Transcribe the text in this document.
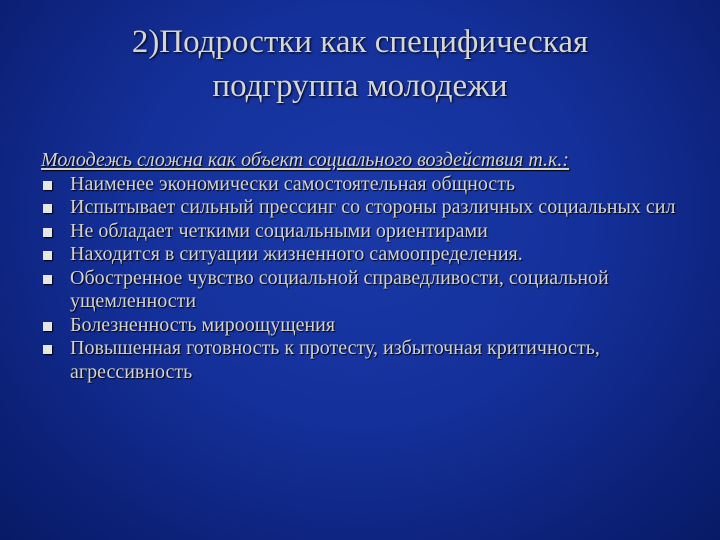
2)Подростки как специфическая
подгруппа молодежи
Молодежь сложна как объект социального воздействия т.к.:
Наименее экономически самостоятельная общность
Испытывает сильный прессинг со стороны различных социальных сил
Не обладает четкими социальными ориентирами
Находится в ситуации жизненного самоопределения.
Обостренное чувство социальной справедливости, социальной ущемленности
Болезненность мироощущения
Повышенная готовность к протесту, избыточная критичность, агрессивность
